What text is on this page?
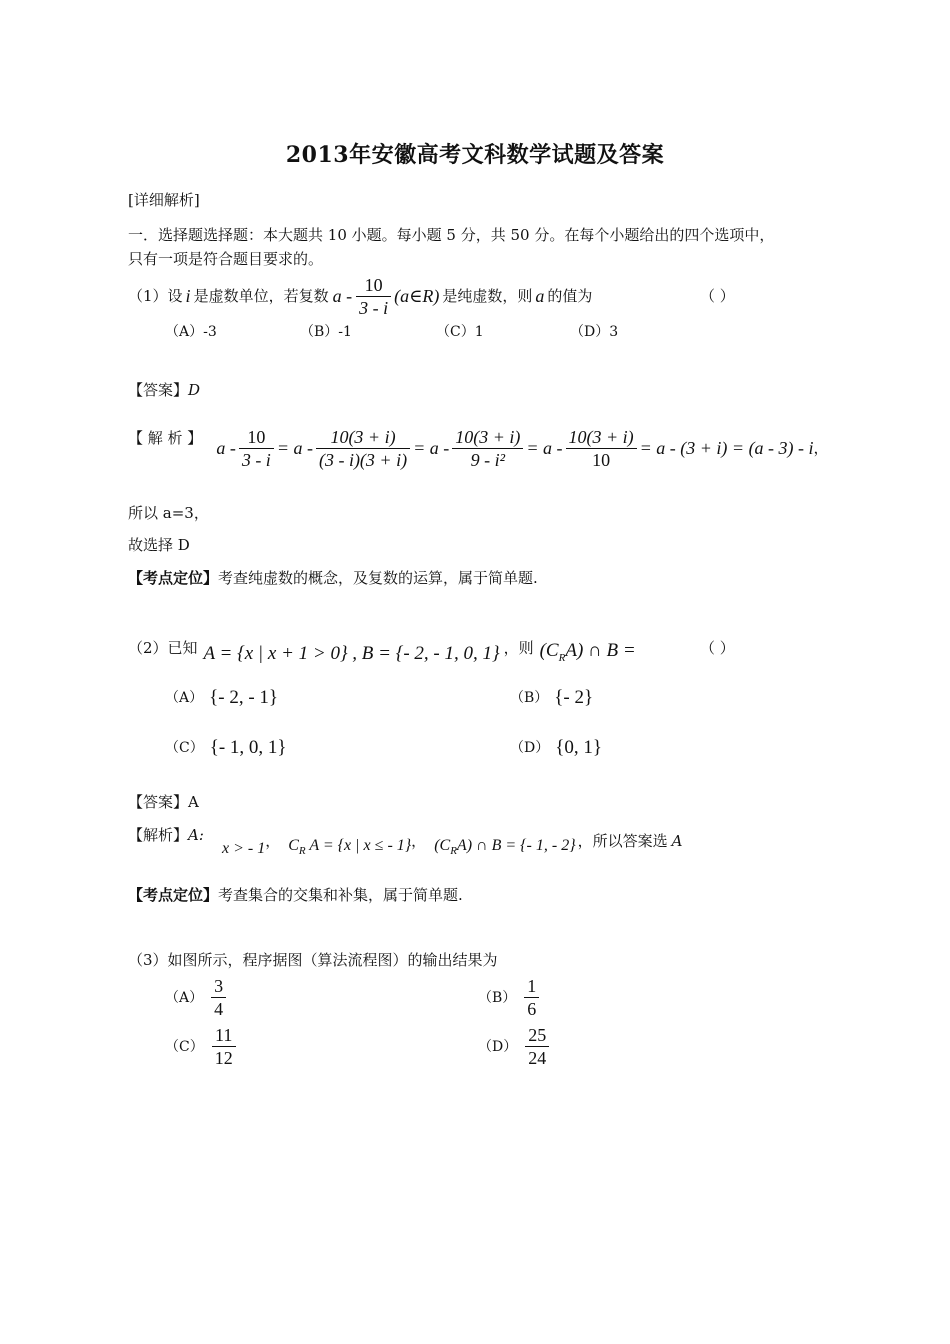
2013年安徽高考文科数学试题及答案
[详细解析]
一．选择题选择题：本大题共 10 小题。每小题 5 分，共 50 分。在每个小题给出的四个选项中，
只有一项是符合题目要求的。
（1）设 i 是虚数单位，若复数 a - $\frac{10}{3 - i}$ (a∈R) 是纯虚数，则 a 的值为	（ ）
（A）-3	（B）-1	（C）1	（D）3
【答案】D
【 解 析 】 $a - \frac{10}{3 - i} = a - \frac{10(3 + i)}{(3 - i)(3 + i)} = a - \frac{10(3 + i)}{\text{9 - i²}} = a - \frac{10(3 + i)}{10} = a - (3 + i) = (a - 3) - i$ ，
所以 a=3，
故选择 D
【考点定位】考查纯虚数的概念，及复数的运算，属于简单题.
（2）已知 A = {x | x + 1 > 0} , B = {- 2, - 1, 0, 1} ，则 $(C_RA)$ ∩ B =	（ ）
（A） {- 2, - 1}	（B） {- 2}
（C） {- 1, 0, 1}	（D） {0, 1}
【答案】A
【解析】A:
x > - 1 ， $C_R$ A = {x | x ≤ - 1} ， $(C_RA)$ ∩ B = {- 1, - 2} ，所以答案选 A
【考点定位】考查集合的交集和补集，属于简单题.
（3）如图所示，程序据图（算法流程图）的输出结果为
$(A) \frac{3}{4}$	$(B) \frac{1}{6}$
$(C) \frac{11}{12}$	$(D) \frac{25}{24}$
